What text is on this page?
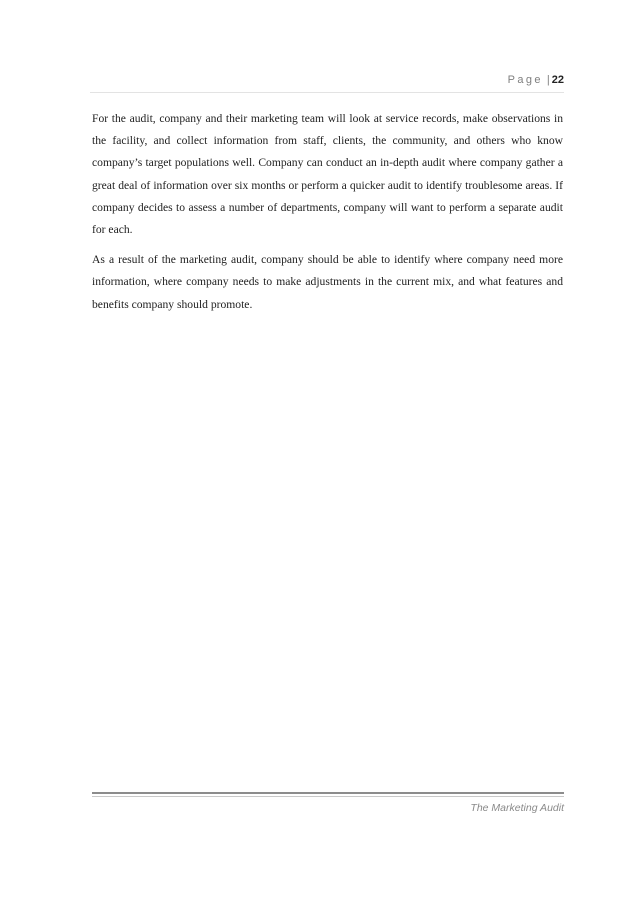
Page | 22

For the audit, company and their marketing team will look at service records, make observations in the facility, and collect information from staff, clients, the community, and others who know company’s target populations well. Company can conduct an in-depth audit where company gather a great deal of information over six months or perform a quicker audit to identify troublesome areas. If company decides to assess a number of departments, company will want to perform a separate audit for each.

As a result of the marketing audit, company should be able to identify where company need more information, where company needs to make adjustments in the current mix, and what features and benefits company should promote.

The Marketing Audit
